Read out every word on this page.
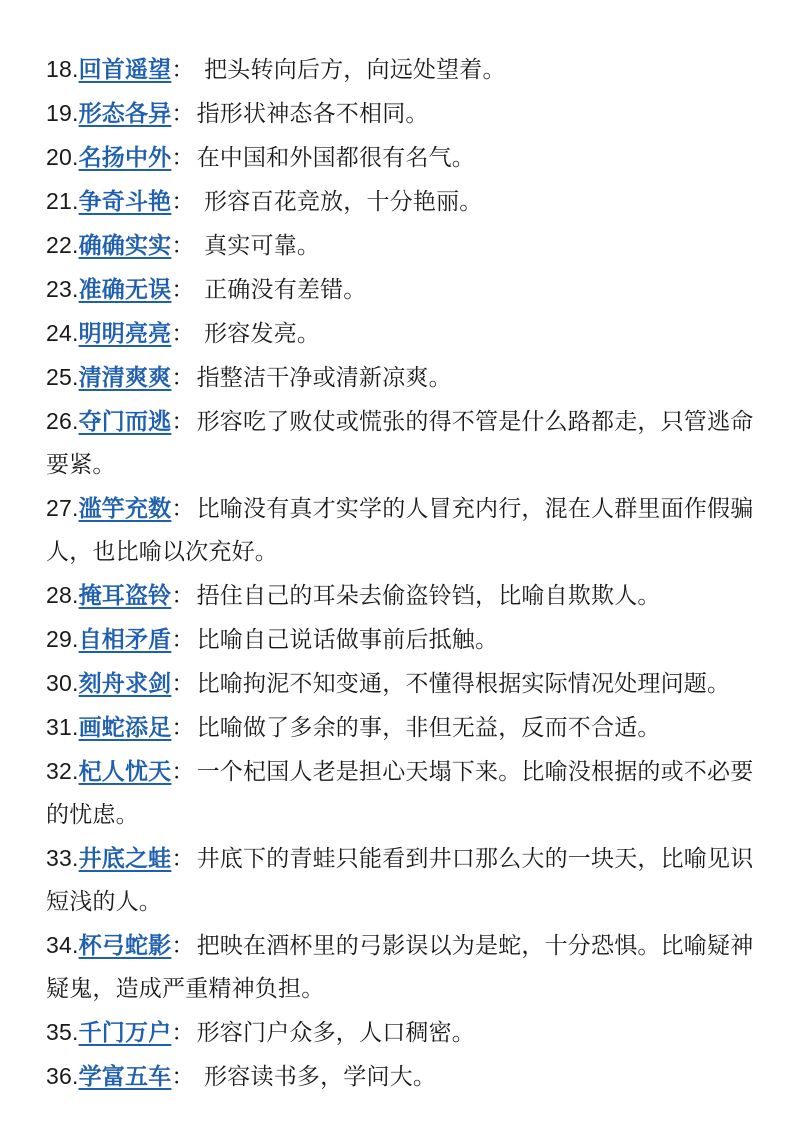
18.回首遥望： 把头转向后方，向远处望着。

19.形态各异：指形状神态各不相同。

20.名扬中外：在中国和外国都很有名气。

21.争奇斗艳： 形容百花竞放，十分艳丽。

22.确确实实： 真实可靠。

23.准确无误： 正确没有差错。

24.明明亮亮： 形容发亮。

25.清清爽爽：指整洁干净或清新凉爽。

26.夺门而逃：形容吃了败仗或慌张的得不管是什么路都走，只管逃命要紧。

27.滥竽充数：比喻没有真才实学的人冒充内行，混在人群里面作假骗人，也比喻以次充好。

28.掩耳盗铃：捂住自己的耳朵去偷盗铃铛，比喻自欺欺人。

29.自相矛盾：比喻自己说话做事前后抵触。

30.刻舟求剑：比喻拘泥不知变通，不懂得根据实际情况处理问题。

31.画蛇添足：比喻做了多余的事，非但无益，反而不合适。

32.杞人忧天：一个杞国人老是担心天塌下来。比喻没根据的或不必要的忧虑。

33.井底之蛙：井底下的青蛙只能看到井口那么大的一块天，比喻见识短浅的人。

34.杯弓蛇影：把映在酒杯里的弓影误以为是蛇，十分恐惧。比喻疑神疑鬼，造成严重精神负担。

35.千门万户：形容门户众多，人口稠密。

36.学富五车： 形容读书多，学问大。
